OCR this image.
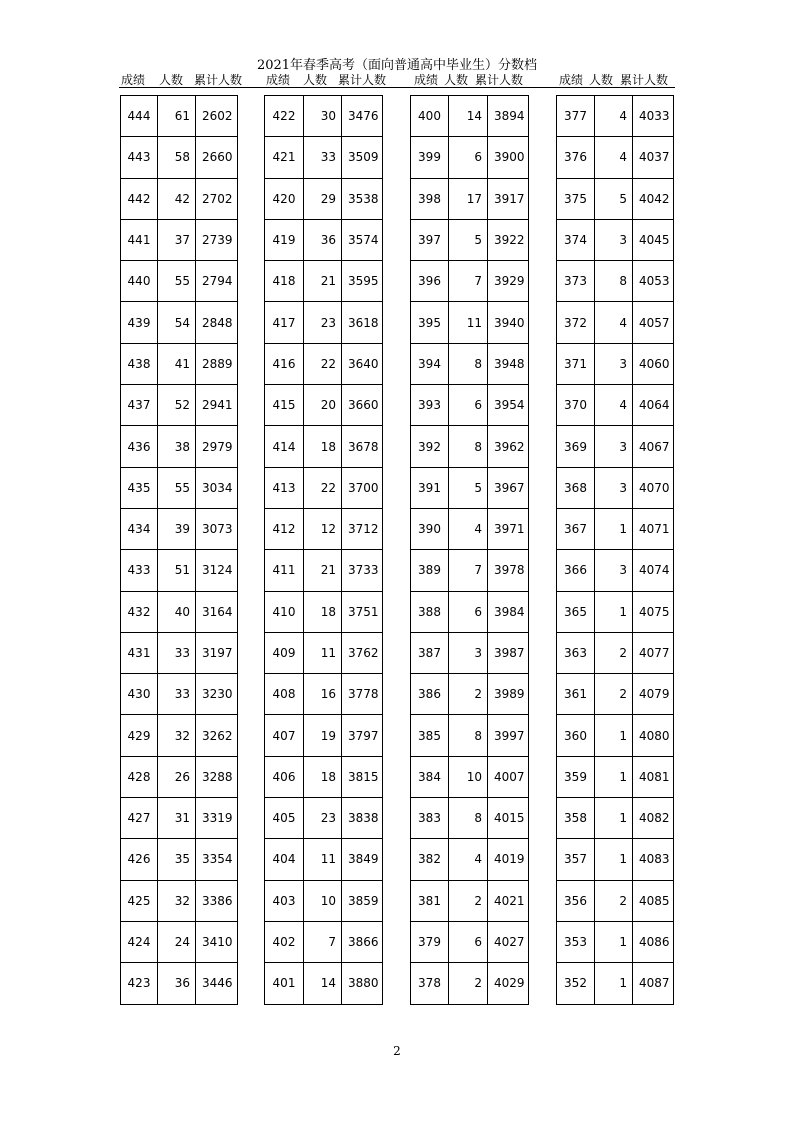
2021年春季高考（面向普通高中毕业生）分数档
成绩 人数 累计人数 成绩 人数 累计人数 成绩 人数 累计人数	成绩 人数 累计人数
444	61	2602
443	58	2660
442	42	2702
441	37	2739
440	55	2794
439	54	2848
438	41	2889
437	52	2941
436	38	2979
435	55	3034
434	39	3073
433	51	3124
432	40	3164
431	33	3197
430	33	3230
429	32	3262
428	26	3288
427	31	3319
426	35	3354
425	32	3386
424	24	3410
423	36	3446
422	30	3476
421	33	3509
420	29	3538
419	36	3574
418	21	3595
417	23	3618
416	22	3640
415	20	3660
414	18	3678
413	22	3700
412	12	3712
411	21	3733
410	18	3751
409	11	3762
408	16	3778
407	19	3797
406	18	3815
405	23	3838
404	11	3849
403	10	3859
402	7	3866
401	14	3880
400	14	3894
399	6	3900
398	17	3917
397	5	3922
396	7	3929
395	11	3940
394	8	3948
393	6	3954
392	8	3962
391	5	3967
390	4	3971
389	7	3978
388	6	3984
387	3	3987
386	2	3989
385	8	3997
384	10	4007
383	8	4015
382	4	4019
381	2	4021
379	6	4027
378	2	4029
377	4	4033
376	4	4037
375	5	4042
374	3	4045
373	8	4053
372	4	4057
371	3	4060
370	4	4064
369	3	4067
368	3	4070
367	1	4071
366	3	4074
365	1	4075
363	2	4077
361	2	4079
360	1	4080
359	1	4081
358	1	4082
357	1	4083
356	2	4085
353	1	4086
352	1	4087
2
